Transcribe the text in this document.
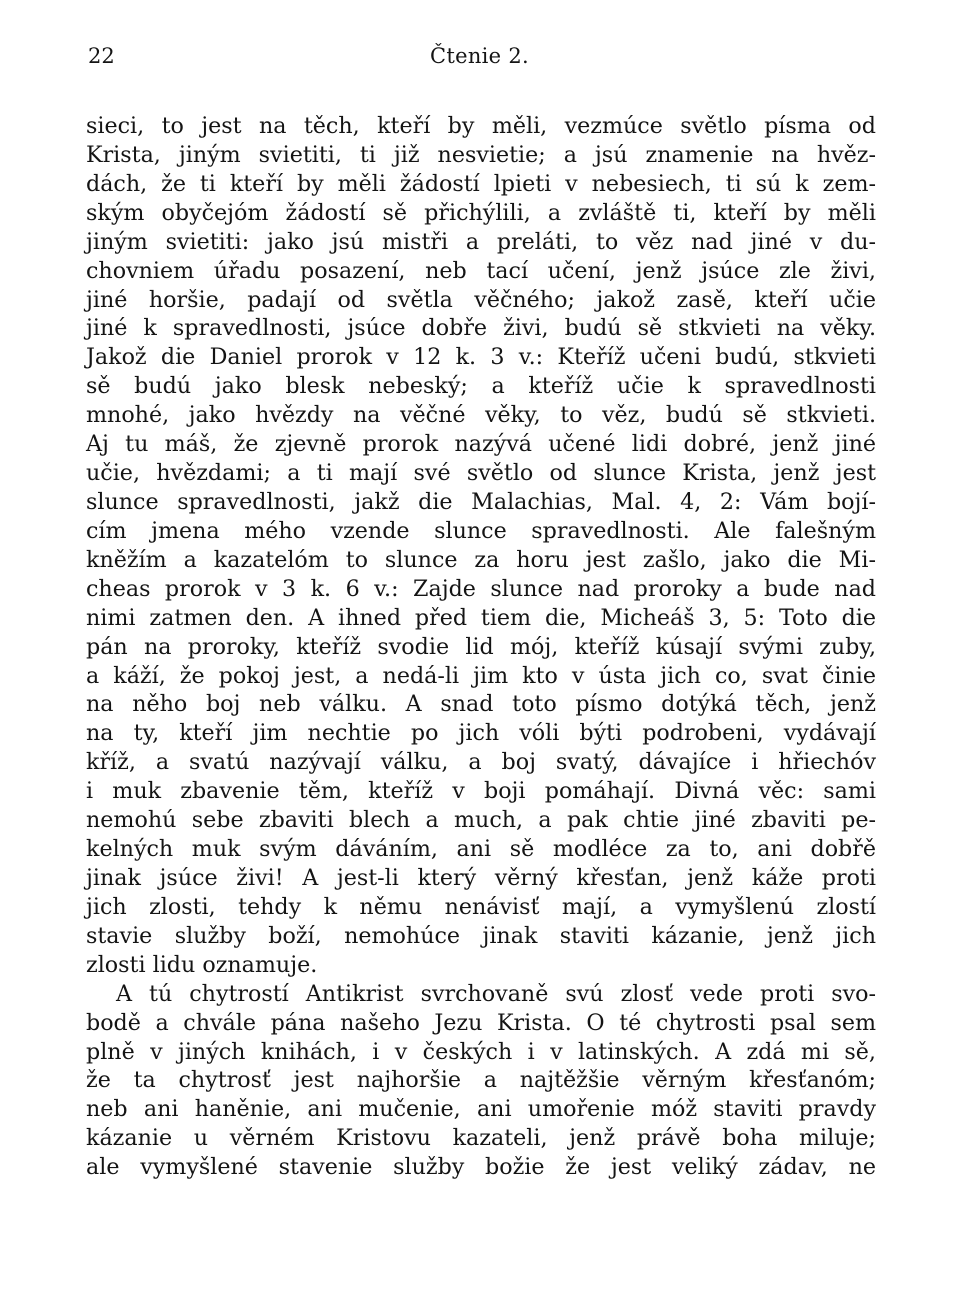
22	Čtenie 2.
sieci, to jest na těch, kteří by měli, vezmúce světlo písma od
Krista, jiným svietiti, ti již nesvietie; a jsú znamenie na hvěz-
dách, že ti kteří by měli žádostí lpieti v nebesiech, ti sú k zem-
ským obyčejóm žádostí sě přichýlili, a zvláště ti, kteří by měli
jiným svietiti: jako jsú mistři a preláti, to věz nad jiné v du-
chovniem úřadu posazení, neb tací učení, jenž jsúce zle živi,
jiné horšie, padají od světla věčného; jakož zasě, kteří učie
jiné k spravedlnosti, jsúce dobře živi, budú sě stkvieti na věky.
Jakož die Daniel prorok v 12 k. 3 v.: Kteříž učeni budú, stkvieti
sě budú jako blesk nebeský; a kteříž učie k spravedlnosti
mnohé, jako hvězdy na věčné věky, to věz, budú sě stkvieti.
Aj tu máš, že zjevně prorok nazývá učené lidi dobré, jenž jiné
učie, hvězdami; a ti mají své světlo od slunce Krista, jenž jest
slunce spravedlnosti, jakž die Malachias, Mal. 4, 2: Vám bojí-
cím jmena mého vzende slunce spravedlnosti. Ale falešným
kněžím a kazatelóm to slunce za horu jest zašlo, jako die Mi-
cheas prorok v 3 k. 6 v.: Zajde slunce nad proroky a bude nad
nimi zatmen den. A ihned před tiem die, Micheáš 3, 5: Toto die
pán na proroky, kteříž svodie lid mój, kteříž kúsají svými zuby,
a káží, že pokoj jest, a nedá-li jim kto v ústa jich co, svat činie
na něho boj neb válku. A snad toto písmo dotýká těch, jenž
na ty, kteří jim nechtie po jich vóli býti podrobeni, vydávají
kříž, a svatú nazývají válku, a boj svatý, dávajíce i hřiechóv
i muk zbavenie těm, kteříž v boji pomáhají. Divná věc: sami
nemohú sebe zbaviti blech a much, a pak chtie jiné zbaviti pe-
kelných muk svým dáváním, ani sě modléce za to, ani dobřě
jinak jsúce živi! A jest-li který věrný křesťan, jenž káže proti
jich zlosti, tehdy k němu nenávisť mají, a vymyšlenú zlostí
stavie služby boží, nemohúce jinak staviti kázanie, jenž jich
zlosti lidu oznamuje.
A tú chytrostí Antikrist svrchovaně svú zlosť vede proti svo-
bodě a chvále pána našeho Jezu Krista. O té chytrosti psal sem
plně v jiných knihách, i v českých i v latinských. A zdá mi sě,
že ta chytrosť jest najhoršie a najtěžšie věrným křesťanóm;
neb ani haněnie, ani mučenie, ani umořenie móž staviti pravdy
kázanie u věrném Kristovu kazateli, jenž právě boha miluje;
ale vymyšlené stavenie služby božie že jest veliký zádav, ne
